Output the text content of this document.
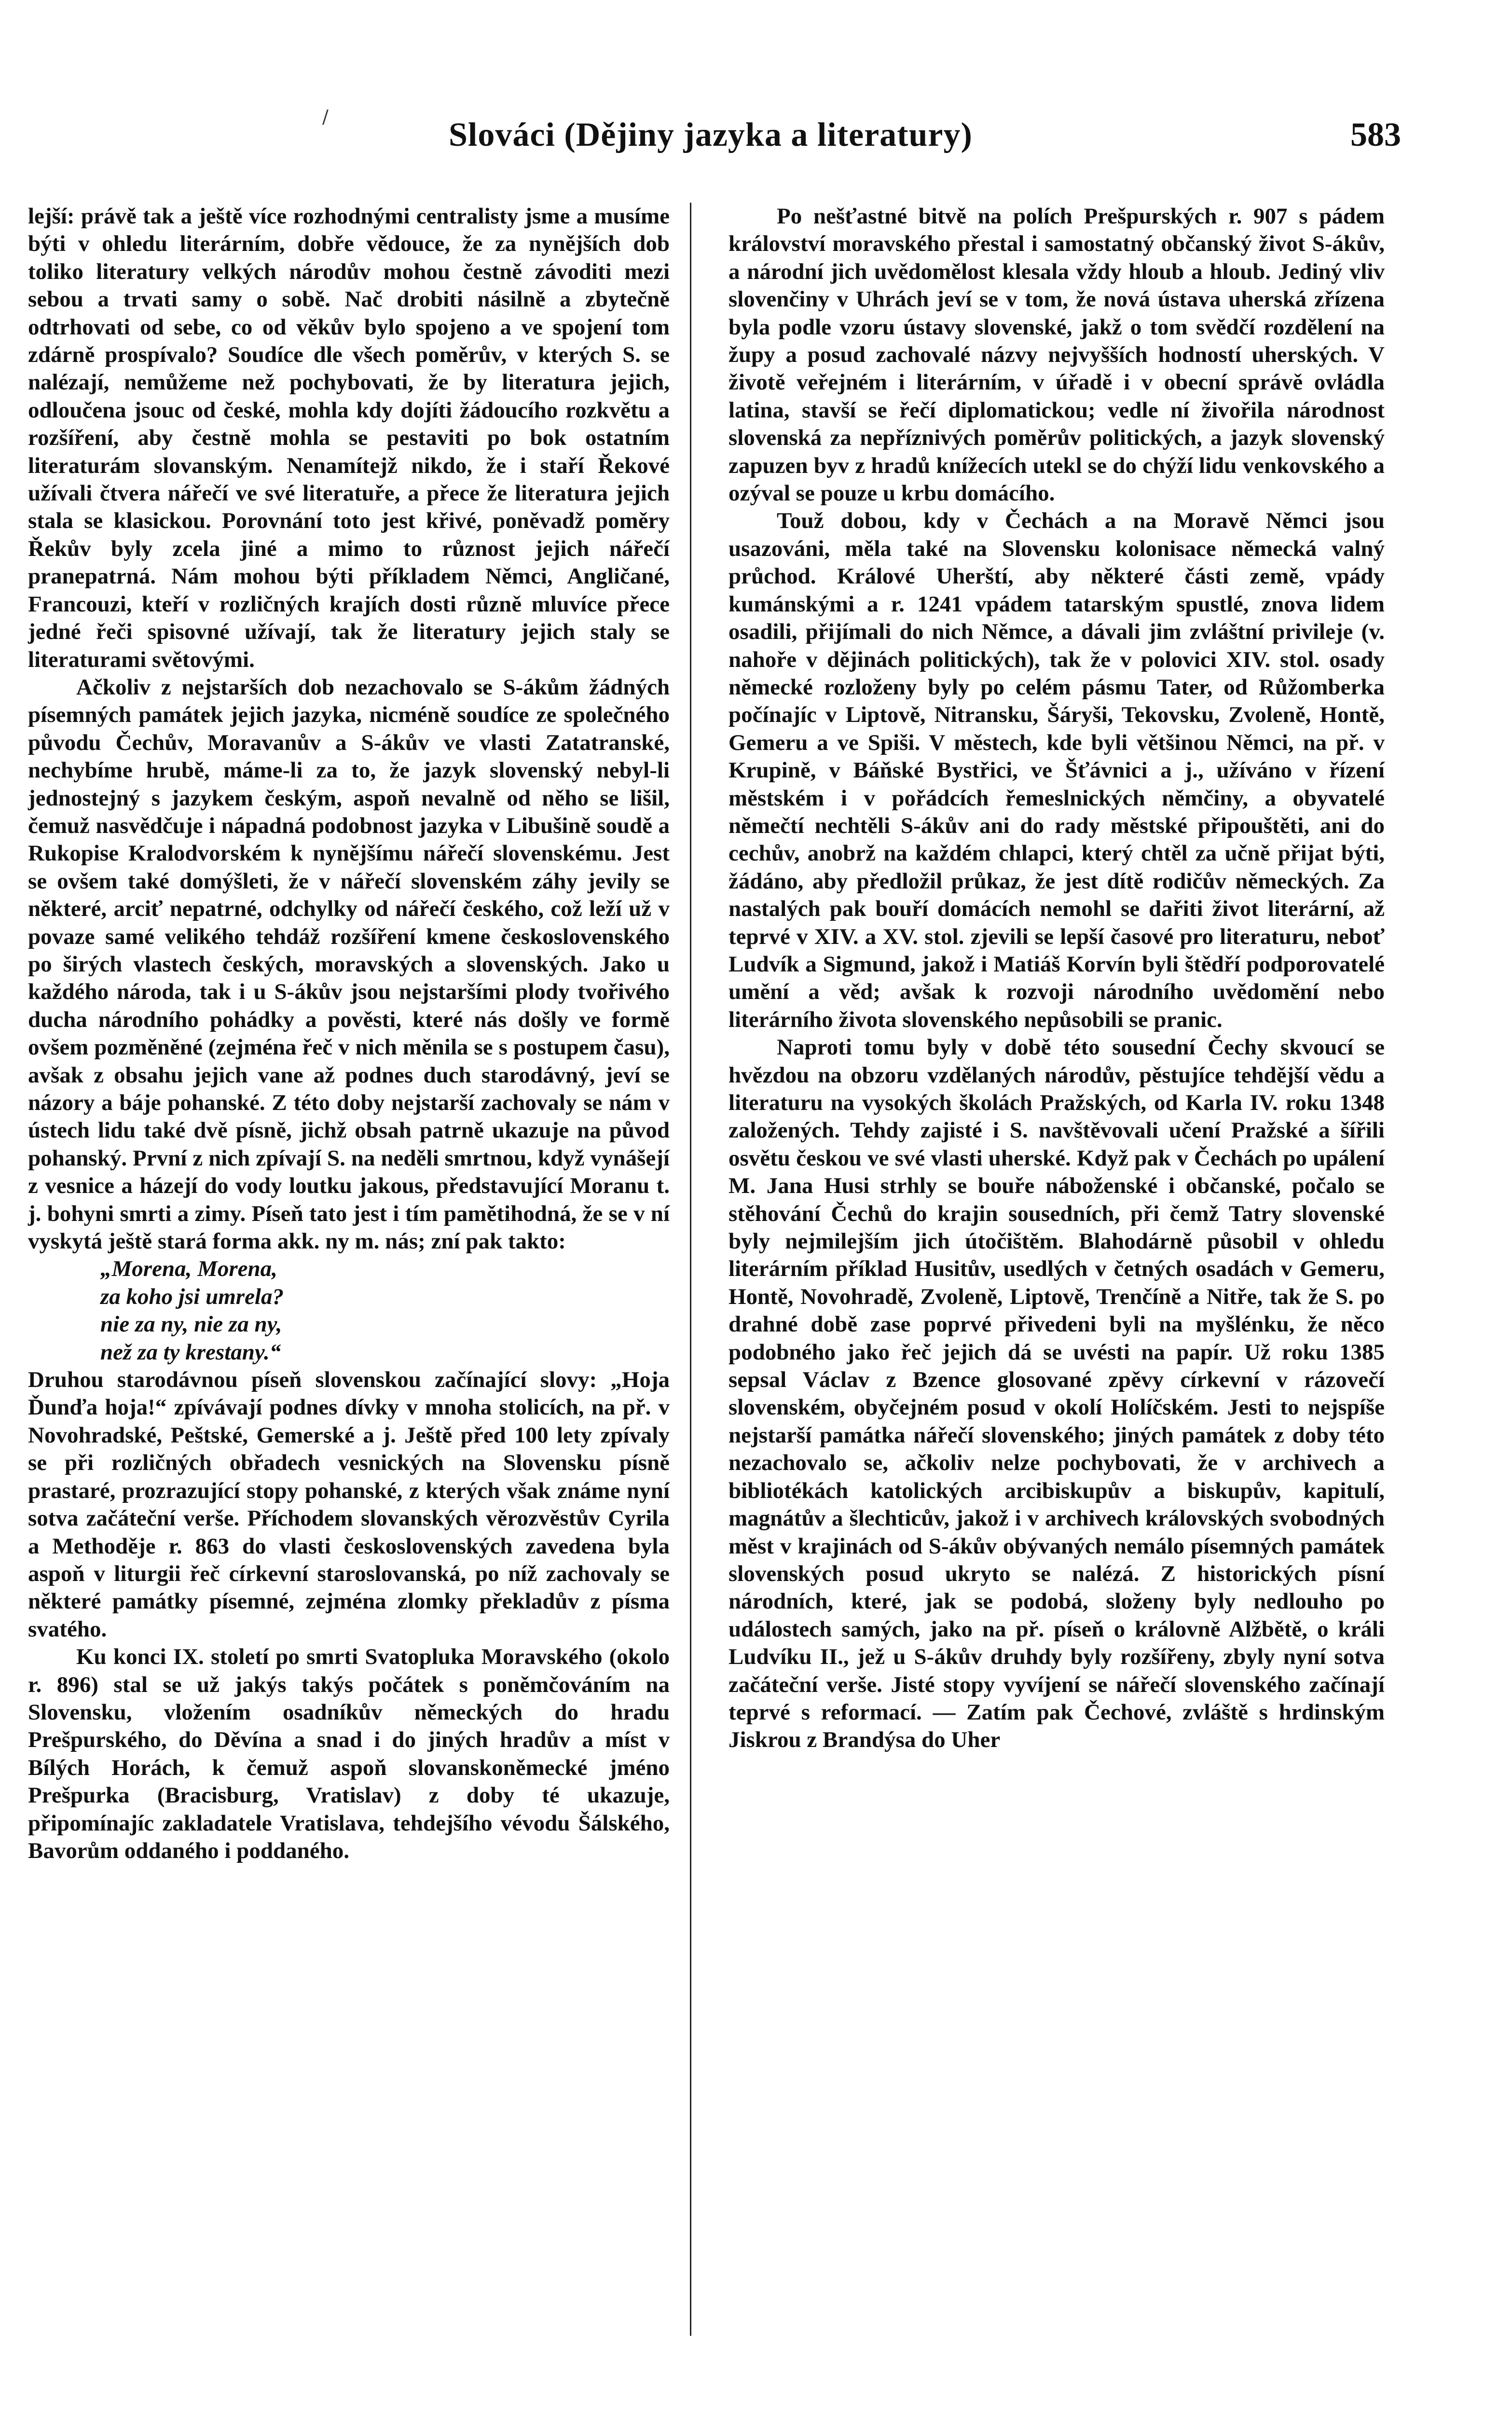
/	Slováci (Dějiny jazyka a literatury)	583

lejší: právě tak a ještě více rozhodnými centralisty jsme a musíme býti v ohledu literárním, dobře vědouce, že za nynějších dob toliko literatury velkých národův mohou čestně závoditi mezi sebou a trvati samy o sobě. Nač drobiti násilně a zbytečně odtrhovati od sebe, co od věkův bylo spojeno a ve spojení tom zdárně prospívalo? Soudíce dle všech poměrův, v kterých S. se nalézají, nemůžeme než pochybovati, že by literatura jejich, odloučena jsouc od české, mohla kdy dojíti žádoucího rozkvětu a rozšíření, aby čestně mohla se pestaviti po bok ostatním literaturám slovanským. Nenamítejž nikdo, že i staří Řekové užívali čtvera nářečí ve své literatuře, a přece že literatura jejich stala se klasickou. Porovnání toto jest křivé, poněvadž poměry Řekův byly zcela jiné a mimo to různost jejich nářečí pranepatrná. Nám mohou býti příkladem Němci, Angličané, Francouzi, kteří v rozličných krajích dosti různě mluvíce přece jedné řeči spisovné užívají, tak že literatury jejich staly se literaturami světovými.

Ačkoliv z nejstarších dob nezachovalo se S-ákům žádných písemných památek jejich jazyka, nicméně soudíce ze společného původu Čechův, Moravanův a S-ákův ve vlasti Zatatranské, nechybíme hrubě, máme-li za to, že jazyk slovenský nebyl-li jednostejný s jazykem českým, aspoň nevalně od něho se lišil, čemuž nasvědčuje i nápadná podobnost jazyka v Libušině soudě a Rukopise Kralodvorském k nynějšímu nářečí slovenskému. Jest se ovšem také domýšleti, že v nářečí slovenském záhy jevily se některé, arciť nepatrné, odchylky od nářečí českého, což leží už v povaze samé velikého tehdáž rozšíření kmene československého po širých vlastech českých, moravských a slovenských. Jako u každého národa, tak i u S-ákův jsou nejstaršími plody tvořivého ducha národního pohádky a pověsti, které nás došly ve formě ovšem pozměněné (zejména řeč v nich měnila se s postupem času), avšak z obsahu jejich vane až podnes duch starodávný, jeví se názory a báje pohanské. Z této doby nejstarší zachovaly se nám v ústech lidu také dvě písně, jichž obsah patrně ukazuje na původ pohanský. První z nich zpívají S. na neděli smrtnou, když vynášejí z vesnice a házejí do vody loutku jakous, představující Moranu t. j. bohyni smrti a zimy. Píseň tato jest i tím pamětihodná, že se v ní vyskytá ještě stará forma akk. ny m. nás; zní pak takto:

„Morena, Morena,
za koho jsi umrela?
nie za ny, nie za ny,
než za ty krestany.“

Druhou starodávnou píseň slovenskou začínající slovy: „Hoja Ďunďa hoja!“ zpívávají podnes dívky v mnoha stolicích, na př. v Novohradské, Peštské, Gemerské a j. Ještě před 100 lety zpívaly se při rozličných obřadech vesnických na Slovensku písně prastaré, prozrazující stopy pohanské, z kterých však známe nyní sotva začáteční verše. Příchodem slovanských věrozvěstův Cyrila a Methoděje r. 863 do vlasti československých zavedena byla aspoň v liturgii řeč církevní staroslovanská, po níž zachovaly se některé památky písemné, zejména zlomky překladův z písma svatého.

Ku konci IX. století po smrti Svatopluka Moravského (okolo r. 896) stal se už jakýs takýs počátek s poněmčováním na Slovensku, vložením osadníkův německých do hradu Prešpurského, do Děvína a snad i do jiných hradův a míst v Bílých Horách, k čemuž aspoň slovanskoněmecké jméno Prešpurka (Bracisburg, Vratislav) z doby té ukazuje, připomínajíc zakladatele Vratislava, tehdejšího vévodu Šálského, Bavorům oddaného i poddaného.

Po nešťastné bitvě na polích Prešpurských r. 907 s pádem království moravského přestal i samostatný občanský život S-ákův, a národní jich uvědomělost klesala vždy hloub a hloub. Jediný vliv slovenčiny v Uhrách jeví se v tom, že nová ústava uherská zřízena byla podle vzoru ústavy slovenské, jakž o tom svědčí rozdělení na župy a posud zachovalé názvy nejvyšších hodností uherských. V životě veřejném i literárním, v úřadě i v obecní správě ovládla latina, stavší se řečí diplomatickou; vedle ní živořila národnost slovenská za nepříznivých poměrův politických, a jazyk slovenský zapuzen byv z hradů knížecích utekl se do chýží lidu venkovského a ozýval se pouze u krbu domácího.

Touž dobou, kdy v Čechách a na Moravě Němci jsou usazováni, měla také na Slovensku kolonisace německá valný průchod. Králové Uherští, aby některé části země, vpády kumánskými a r. 1241 vpádem tatarským spustlé, znova lidem osadili, přijímali do nich Němce, a dávali jim zvláštní privileje (v. nahoře v dějinách politických), tak že v polovici XIV. stol. osady německé rozloženy byly po celém pásmu Tater, od Růžomberka počínajíc v Liptově, Nitransku, Šáryši, Tekovsku, Zvoleně, Hontě, Gemeru a ve Spiši. V městech, kde byli většinou Němci, na př. v Krupině, v Báňské Bystřici, ve Šťávnici a j., užíváno v řízení městském i v pořádcích řemeslnických němčiny, a obyvatelé němečtí nechtěli S-ákův ani do rady městské připouštěti, ani do cechův, anobrž na každém chlapci, který chtěl za učně přijat býti, žádáno, aby předložil průkaz, že jest dítě rodičův německých. Za nastalých pak bouří domácích nemohl se dařiti život literární, až teprvé v XIV. a XV. stol. zjevili se lepší časové pro literaturu, neboť Ludvík a Sigmund, jakož i Matiáš Korvín byli štědří podporovatelé umění a věd; avšak k rozvoji národního uvědomění nebo literárního života slovenského nepůsobili se pranic.

Naproti tomu byly v době této sousední Čechy skvoucí se hvězdou na obzoru vzdělaných národův, pěstujíce tehdější vědu a literaturu na vysokých školách Pražských, od Karla IV. roku 1348 založených. Tehdy zajisté i S. navštěvovali učení Pražské a šířili osvětu českou ve své vlasti uherské. Když pak v Čechách po upálení M. Jana Husi strhly se bouře náboženské i občanské, počalo se stěhování Čechů do krajin sousedních, při čemž Tatry slovenské byly nejmilejším jich útočištěm. Blahodárně působil v ohledu literárním příklad Husitův, usedlých v četných osadách v Gemeru, Hontě, Novohradě, Zvoleně, Liptově, Trenčíně a Nitře, tak že S. po drahné době zase poprvé přivedeni byli na myšlénku, že něco podobného jako řeč jejich dá se uvésti na papír. Už roku 1385 sepsal Václav z Bzence glosované zpěvy církevní v rázovečí slovenském, obyčejném posud v okolí Holíčském. Jesti to nejspíše nejstarší památka nářečí slovenského; jiných památek z doby této nezachovalo se, ačkoliv nelze pochybovati, že v archivech a bibliotékách katolických arcibiskupův a biskupův, kapitulí, magnátův a šlechticův, jakož i v archivech královských svobodných měst v krajinách od S-ákův obývaných nemálo písemných památek slovenských posud ukryto se nalézá. Z historických písní národních, které, jak se podobá, složeny byly nedlouho po událostech samých, jako na př. píseň o královně Alžbětě, o králi Ludvíku II., jež u S-ákův druhdy byly rozšířeny, zbyly nyní sotva začáteční verše. Jisté stopy vyvíjení se nářečí slovenského začínají teprvé s reformací. — Zatím pak Čechové, zvláště s hrdinským Jiskrou z Brandýsa do Uher
